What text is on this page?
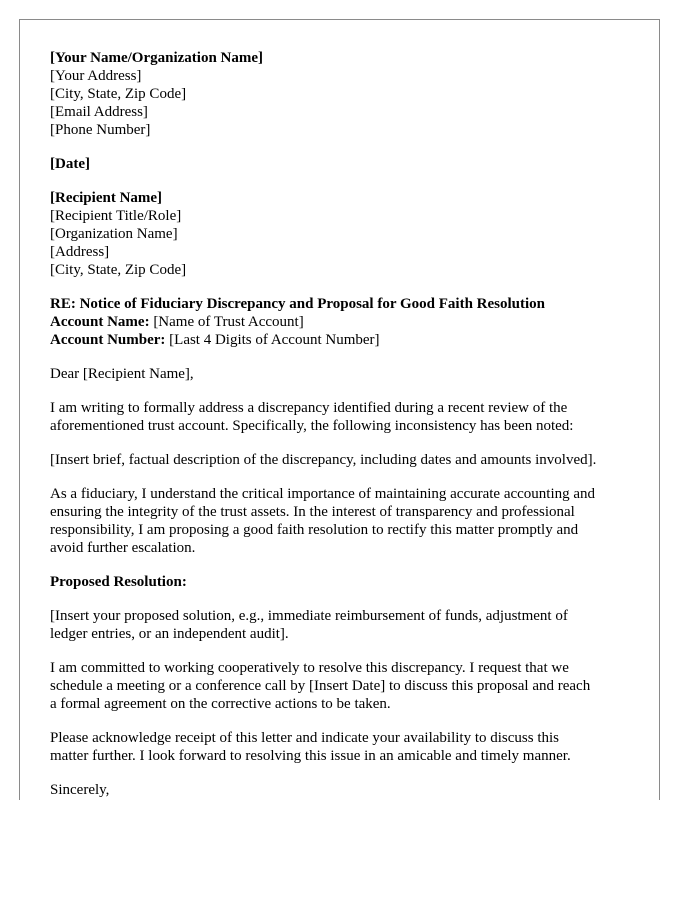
[Your Name/Organization Name]
[Your Address]
[City, State, Zip Code]
[Email Address]
[Phone Number]

[Date]

[Recipient Name]
[Recipient Title/Role]
[Organization Name]
[Address]
[City, State, Zip Code]

RE: Notice of Fiduciary Discrepancy and Proposal for Good Faith Resolution
Account Name: [Name of Trust Account]
Account Number: [Last 4 Digits of Account Number]

Dear [Recipient Name],

I am writing to formally address a discrepancy identified during a recent review of the
aforementioned trust account. Specifically, the following inconsistency has been noted:

[Insert brief, factual description of the discrepancy, including dates and amounts involved].

As a fiduciary, I understand the critical importance of maintaining accurate accounting and
ensuring the integrity of the trust assets. In the interest of transparency and professional
responsibility, I am proposing a good faith resolution to rectify this matter promptly and
avoid further escalation.

Proposed Resolution:

[Insert your proposed solution, e.g., immediate reimbursement of funds, adjustment of
ledger entries, or an independent audit].

I am committed to working cooperatively to resolve this discrepancy. I request that we
schedule a meeting or a conference call by [Insert Date] to discuss this proposal and reach
a formal agreement on the corrective actions to be taken.

Please acknowledge receipt of this letter and indicate your availability to discuss this
matter further. I look forward to resolving this issue in an amicable and timely manner.

Sincerely,
